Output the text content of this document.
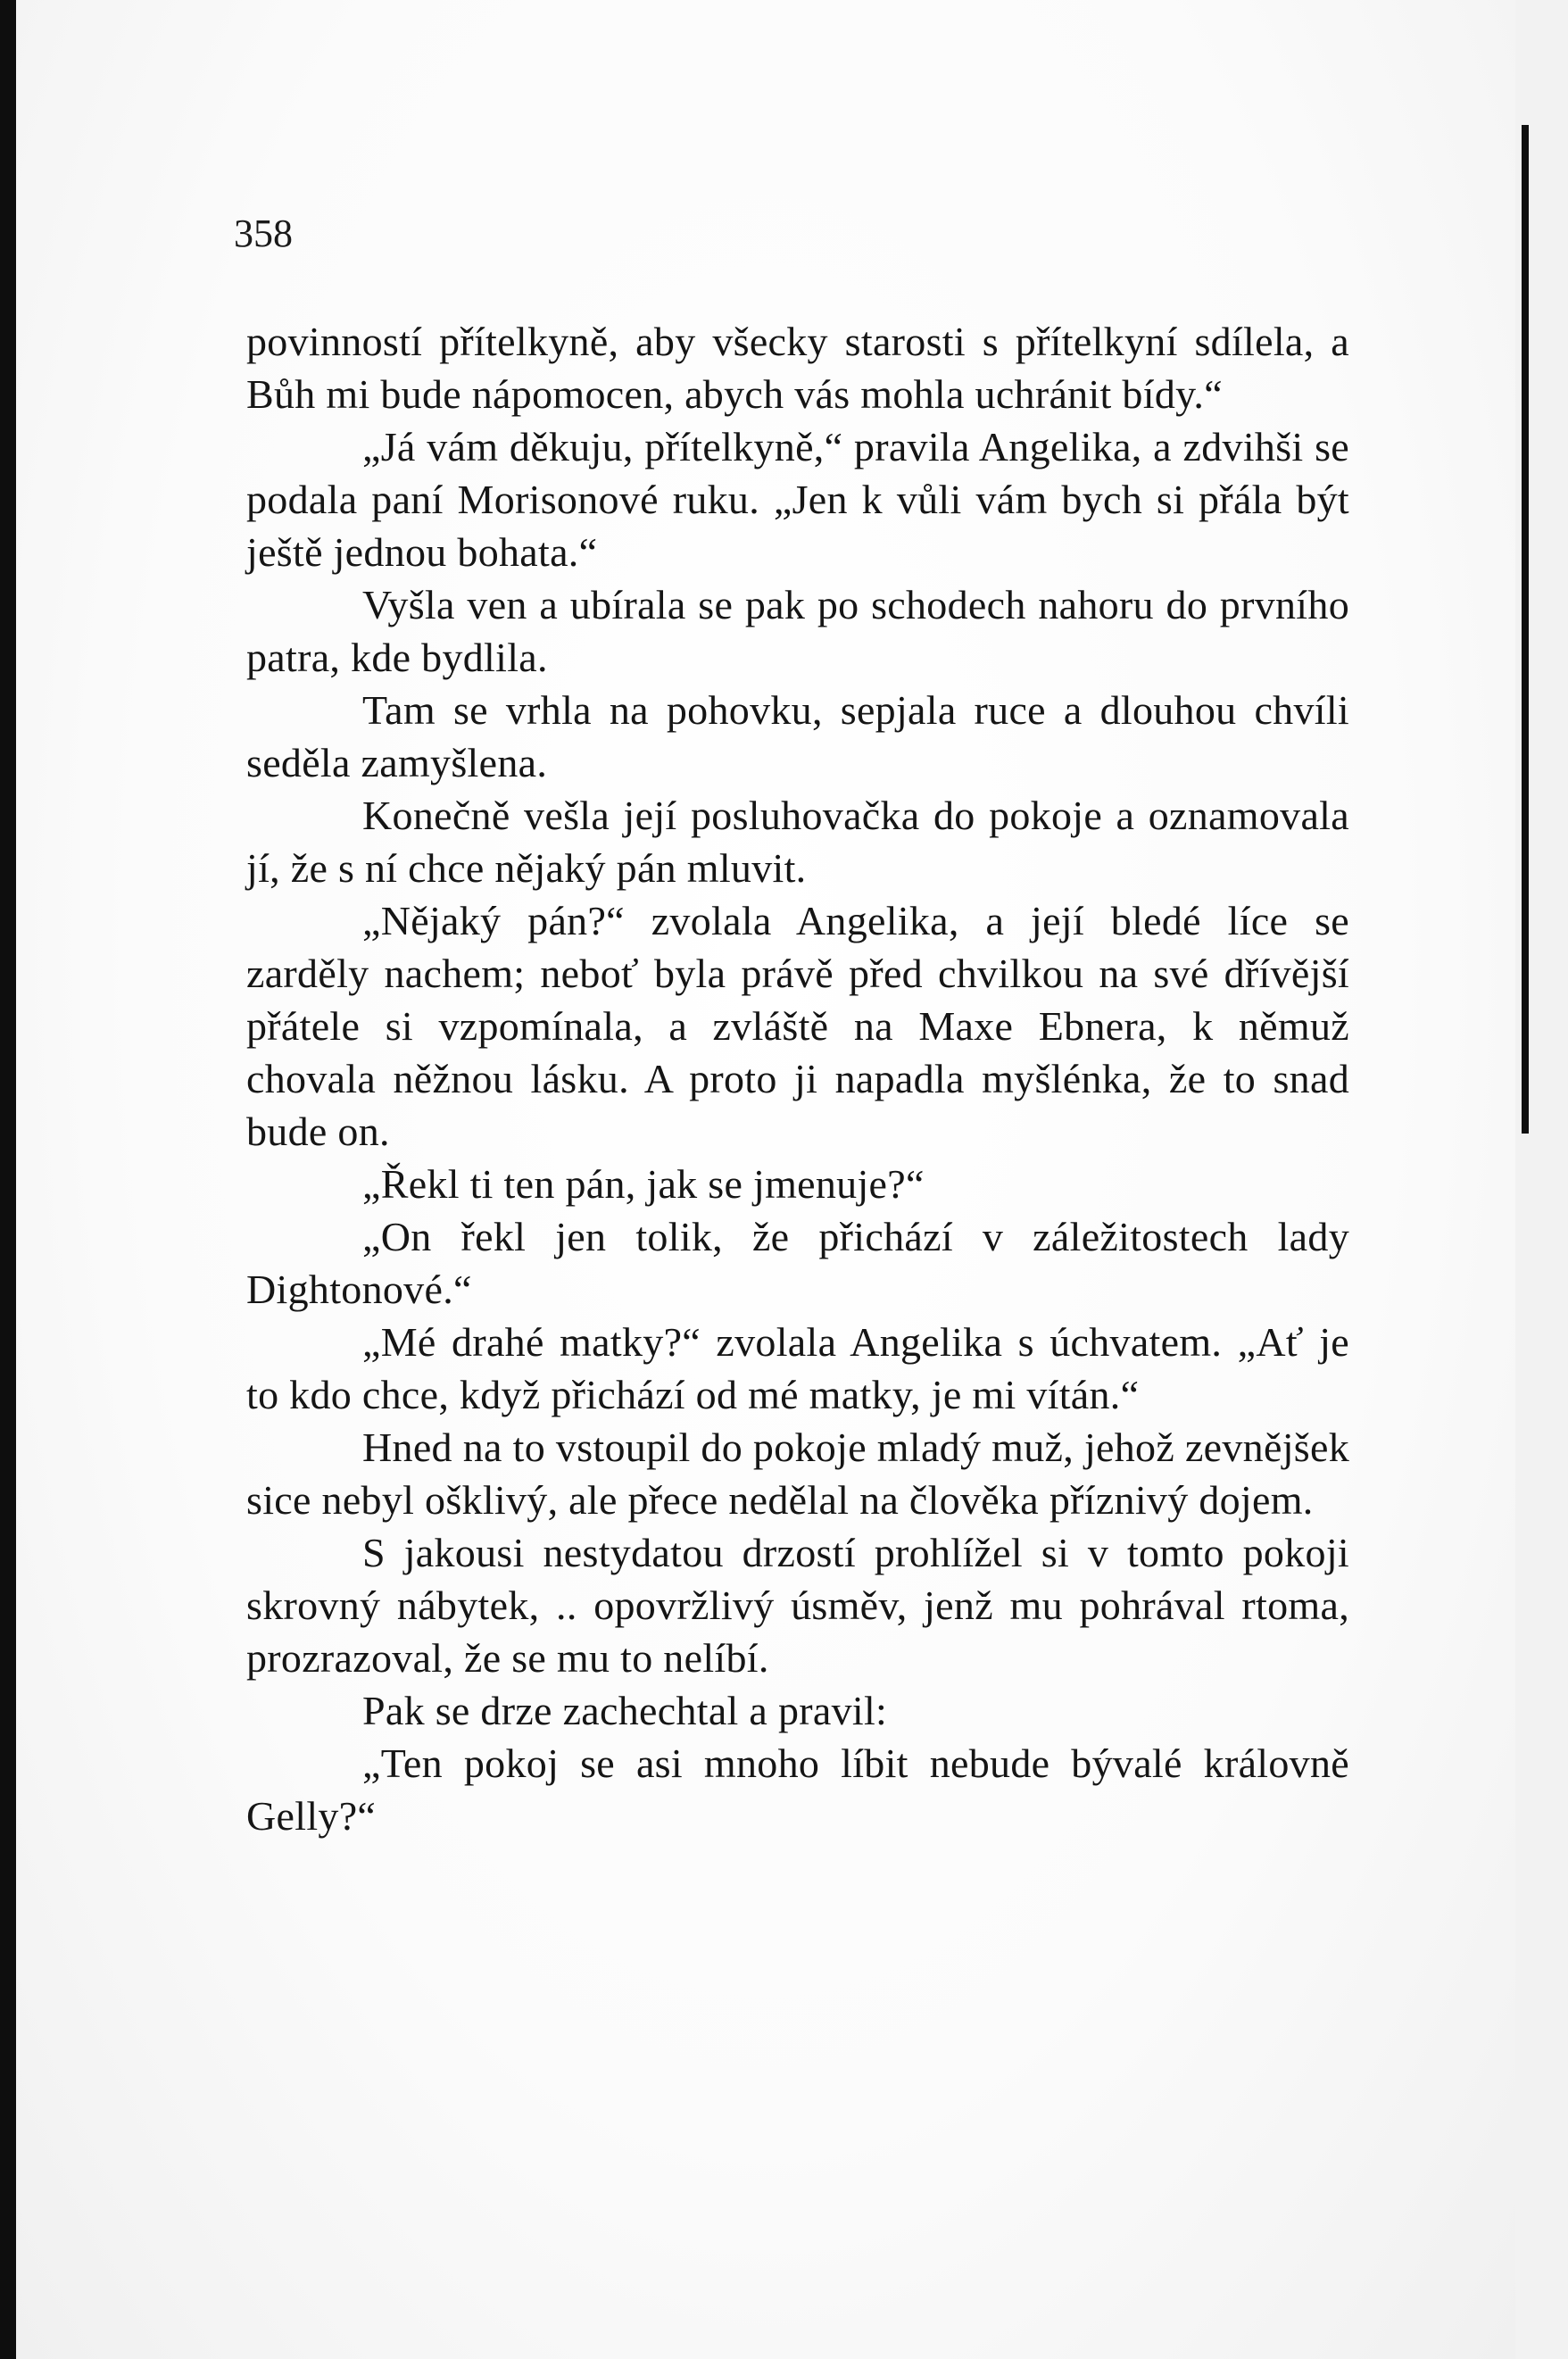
358

povinností přítelkyně, aby všecky starosti s přítelkyní sdílela, a Bůh mi bude nápomocen, abych vás mohla uchránit bídy.“

„Já vám děkuju, přítelkyně,“ pravila Angelika, a zdvihši se podala paní Morisonové ruku. „Jen k vůli vám bych si přála být ještě jednou bohata.“

Vyšla ven a ubírala se pak po schodech nahoru do prvního patra, kde bydlila.

Tam se vrhla na pohovku, sepjala ruce a dlouhou chvíli seděla zamyšlena.

Konečně vešla její posluhovačka do pokoje a oznamovala jí, že s ní chce nějaký pán mluvit.

„Nějaký pán?“ zvolala Angelika, a její bledé líce se zarděly nachem; neboť byla právě před chvilkou na své dřívější přátele si vzpomínala, a zvláště na Maxe Ebnera, k němuž chovala něžnou lásku. A proto ji napadla myšlénka, že to snad bude on.

„Řekl ti ten pán, jak se jmenuje?“

„On řekl jen tolik, že přichází v záležitostech lady Dightonové.“

„Mé drahé matky?“ zvolala Angelika s úchvatem. „Ať je to kdo chce, když přichází od mé matky, je mi vítán.“

Hned na to vstoupil do pokoje mladý muž, jehož zevnějšek sice nebyl ošklivý, ale přece nedělal na člověka příznivý dojem.

S jakousi nestydatou drzostí prohlížel si v tomto pokoji skrovný nábytek, .. opovržlivý úsměv, jenž mu pohrával rtoma, prozrazoval, že se mu to nelíbí.

Pak se drze zachechtal a pravil:

„Ten pokoj se asi mnoho líbit nebude bývalé královně Gelly?“
